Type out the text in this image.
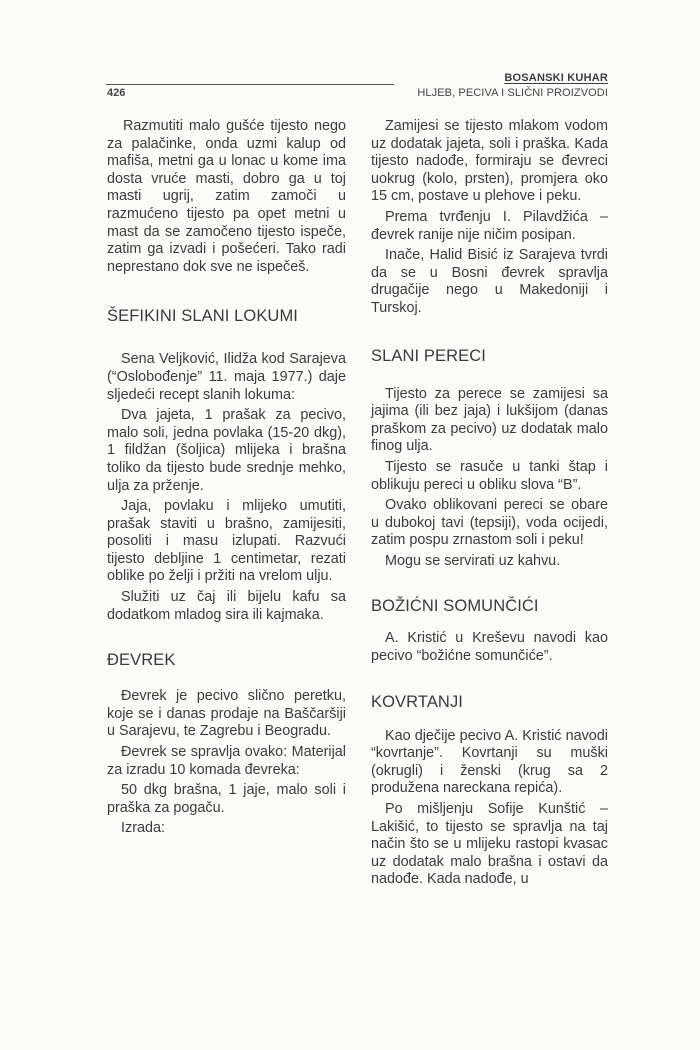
BOSANSKI KUHAR
426	HLJEB, PECIVA I SLIČNI PROIZVODI

Razmutiti malo gušće tijesto nego za palačinke, onda uzmi kalup od mafiša, metni ga u lonac u kome ima dosta vruće masti, dobro ga u toj masti ugrij, zatim zamoči u razmućeno tijesto pa opet metni u mast da se zamočeno tijesto ispeče, zatim ga izvadi i pošećeri. Tako radi neprestano dok sve ne ispečeš.

ŠEFIKINI SLANI LOKUMI

Sena Veljković, Ilidža kod Sarajeva (“Oslobođenje” 11. maja 1977.) daje sljedeći recept slanih lokuma:

Dva jajeta, 1 prašak za pecivo, malo soli, jedna povlaka (15-20 dkg), 1 fildžan (šoljica) mlijeka i brašna toliko da tijesto bude srednje mehko, ulja za prženje.

Jaja, povlaku i mlijeko umutiti, prašak staviti u brašno, zamijesiti, posoliti i masu izlupati. Razvući tijesto debljine 1 centimetar, rezati oblike po želji i pržiti na vrelom ulju.

Služiti uz čaj ili bijelu kafu sa dodatkom mladog sira ili kajmaka.

ĐEVREK

Đevrek je pecivo slično peretku, koje se i danas prodaje na Baščaršiji u Sarajevu, te Zagrebu i Beogradu.

Đevrek se spravlja ovako: Materijal za izradu 10 komada đevreka:

50 dkg brašna, 1 jaje, malo soli i praška za pogaču.

Izrada:

Zamijesi se tijesto mlakom vodom uz dodatak jajeta, soli i praška. Kada tijesto nadođe, formiraju se đevreci uokrug (kolo, prsten), promjera oko 15 cm, postave u plehove i peku.

Prema tvrđenju I. Pilavdžića – đevrek ranije nije ničim posipan.

Inače, Halid Bisić iz Sarajeva tvrdi da se u Bosni đevrek spravlja drugačije nego u Makedoniji i Turskoj.

SLANI PERECI

Tijesto za perece se zamijesi sa jajima (ili bez jaja) i lukšijom (danas praškom za pecivo) uz dodatak malo finog ulja.

Tijesto se rasuče u tanki štap i oblikuju pereci u obliku slova “B”.

Ovako oblikovani pereci se obare u dubokoj tavi (tepsiji), voda ocijedi, zatim pospu zrnastom soli i peku!

Mogu se servirati uz kahvu.

BOŽIĆNI SOMUNČIĆI

A. Kristić u Kreševu navodi kao pecivo “božićne somunčiće”.

KOVRTANJI

Kao dječije pecivo A. Kristić navodi “kovrtanje”. Kovrtanji su muški (okrugli) i ženski (krug sa 2 produžena nareckana repića).

Po mišljenju Sofije Kunštić – Lakišić, to tijesto se spravlja na taj način što se u mlijeku rastopi kvasac uz dodatak malo brašna i ostavi da nadođe. Kada nadođe, u
